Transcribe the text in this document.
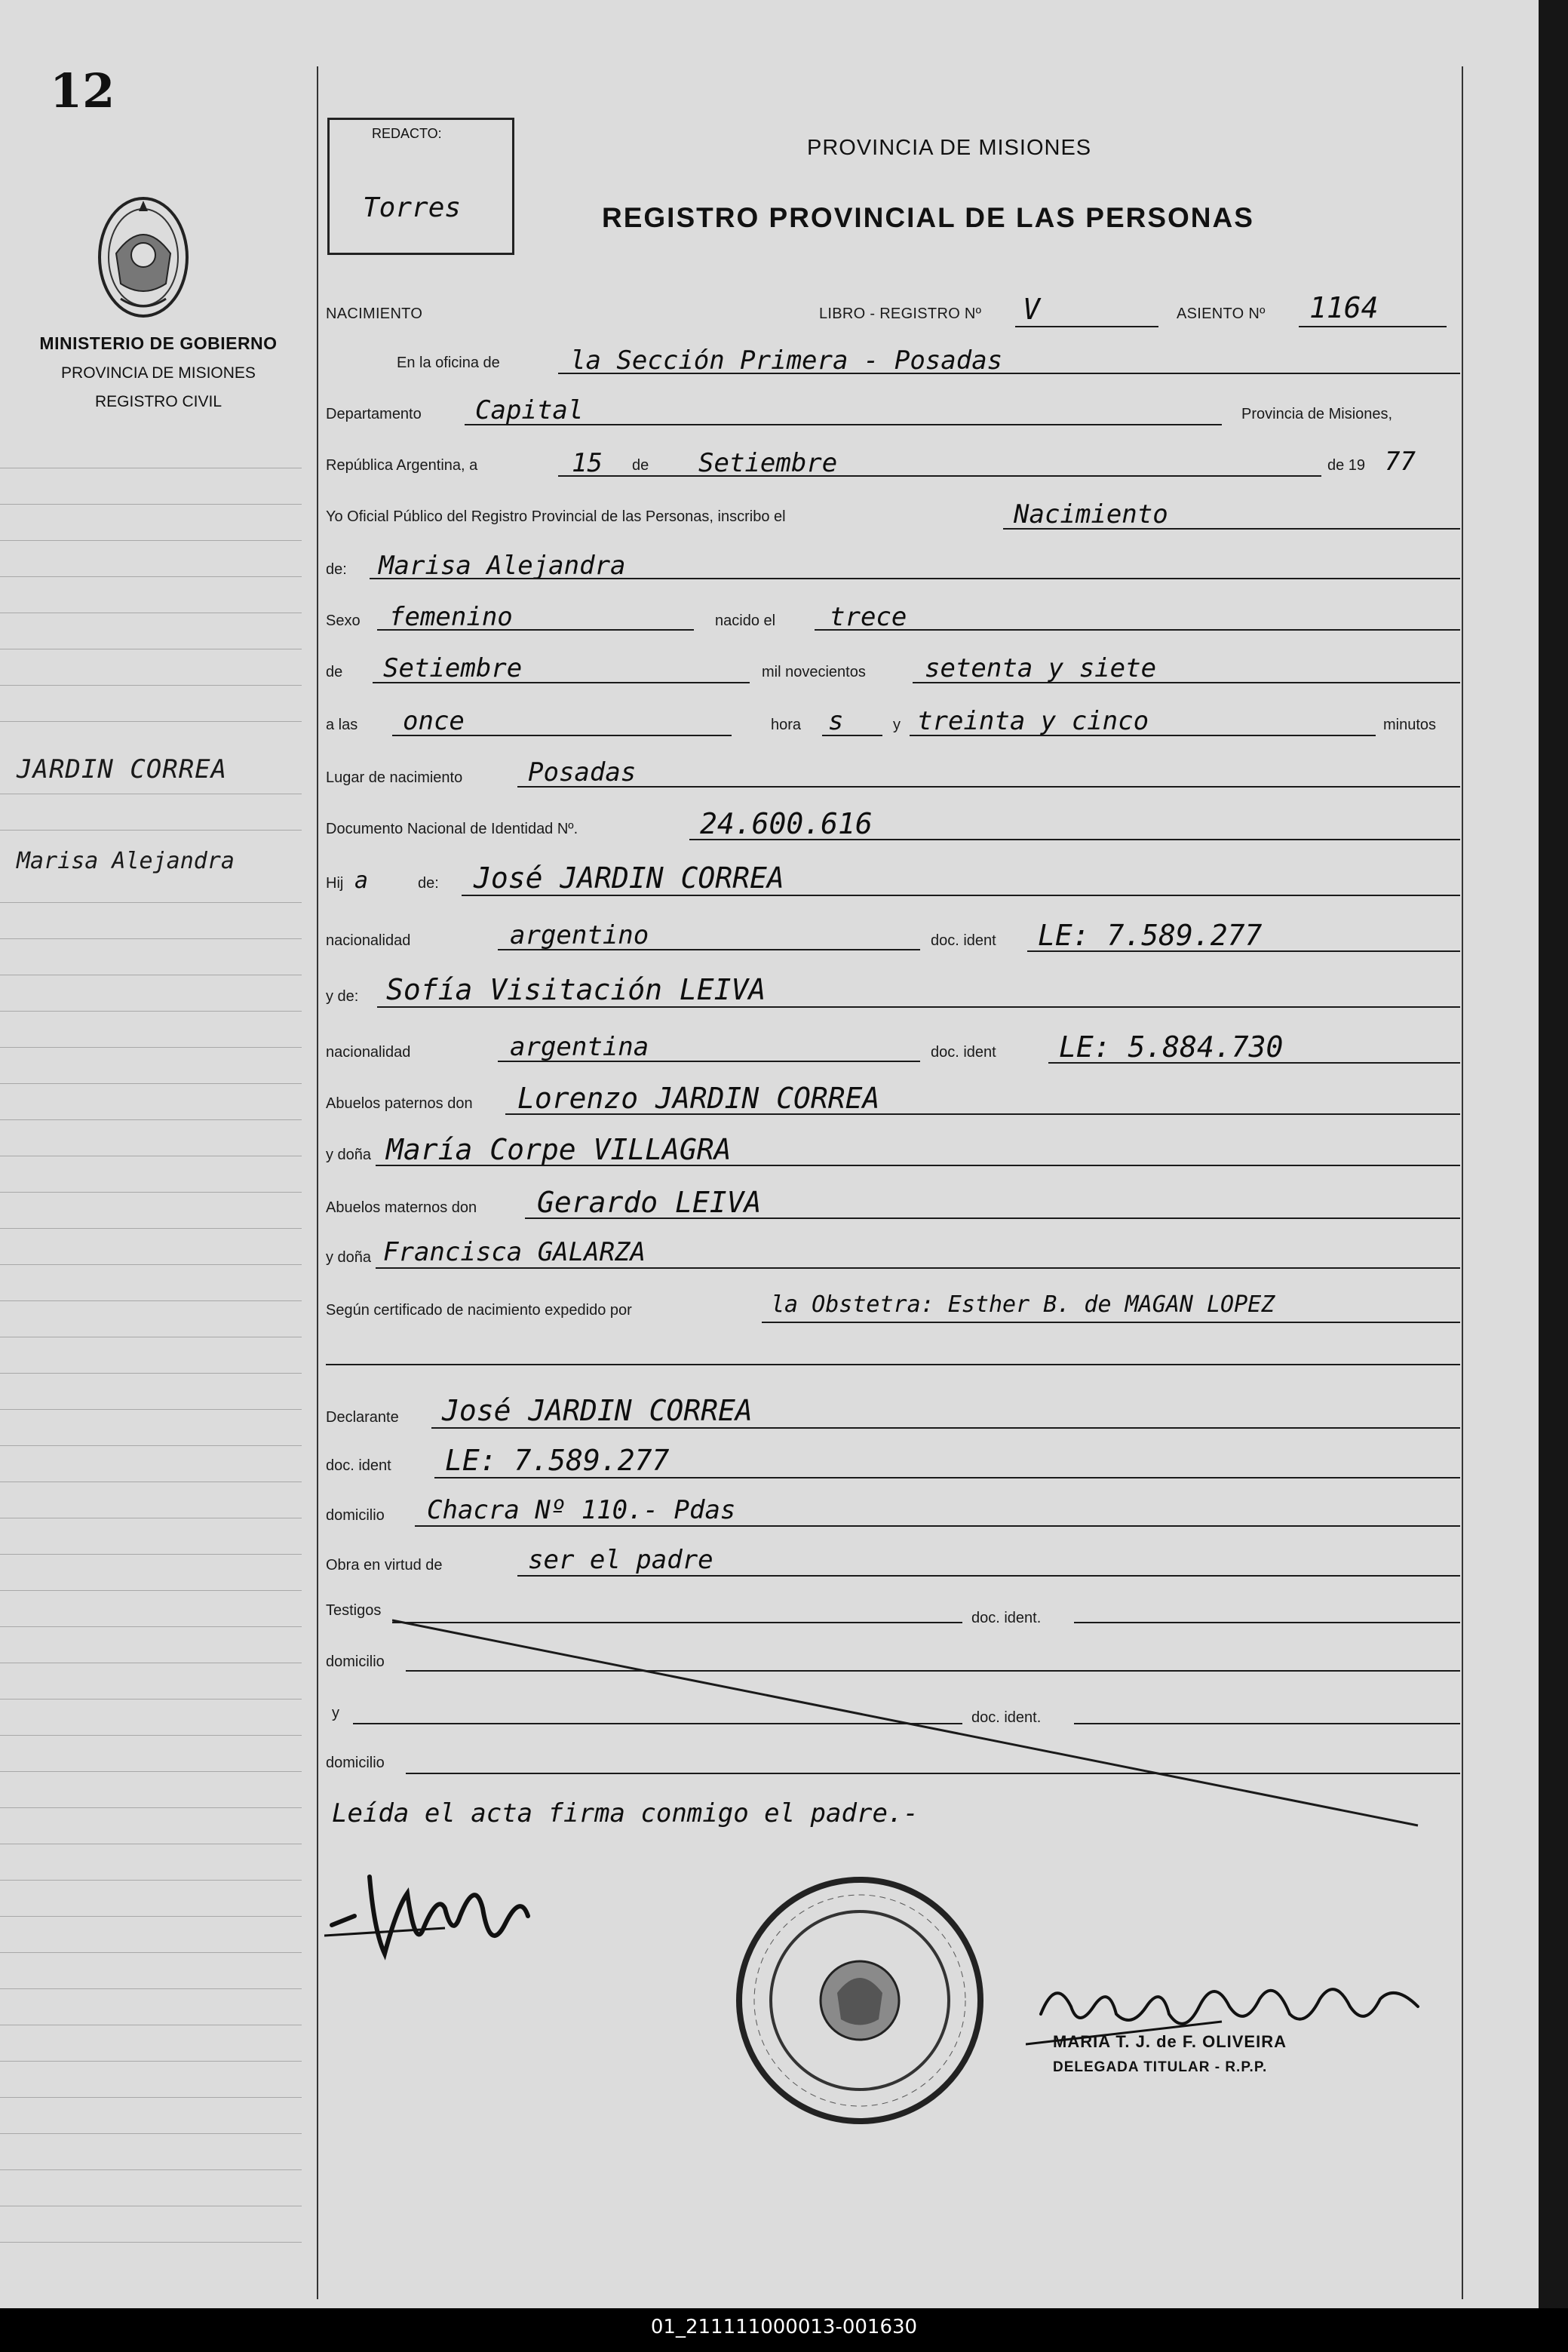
12
MINISTERIO DE GOBIERNO
PROVINCIA DE MISIONES
REGISTRO CIVIL
JARDIN CORREA
Marisa Alejandra
REDACTO:
Torres
PROVINCIA DE MISIONES
REGISTRO PROVINCIAL DE LAS PERSONAS
NACIMIENTO	LIBRO - REGISTRO Nº V	ASIENTO Nº 1164
En la oficina de	la Sección Primera - Posadas
Departamento Capital	Provincia de Misiones,
República Argentina, a	15 de Setiembre	de 19 77
Yo Oficial Público del Registro Provincial de las Personas, inscribo el	Nacimiento
de: Marisa Alejandra
Sexo femenino	nacido el trece
de Setiembre	mil novecientos setenta y siete
a las once	hora s	y treinta y cinco	minutos
Lugar de nacimiento	Posadas
Documento Nacional de Identidad Nº.	24.600.616
Hij a	de: José JARDIN CORREA
nacionalidad	argentino	doc. ident LE: 7.589.277
y de: Sofía Visitación LEIVA
nacionalidad	argentina	doc. ident LE: 5.884.730
Abuelos paternos don Lorenzo JARDIN CORREA
y doña María Corpe VILLAGRA
Abuelos maternos don Gerardo LEIVA
y doña Francisca GALARZA
Según certificado de nacimiento expedido por	la Obstetra: Esther B. de MAGAN LOPEZ
Declarante José JARDIN CORREA
doc. ident LE: 7.589.277
domicilio Chacra Nº 110.- Pdas
Obra en virtud de	ser el padre
Testigos	doc. ident.
domicilio
y	doc. ident.
domicilio
Leída el acta firma conmigo el padre.-
MARIA T. J. de F. OLIVEIRA
DELEGADA TITULAR - R.P.P.
01_211111000013-001630
